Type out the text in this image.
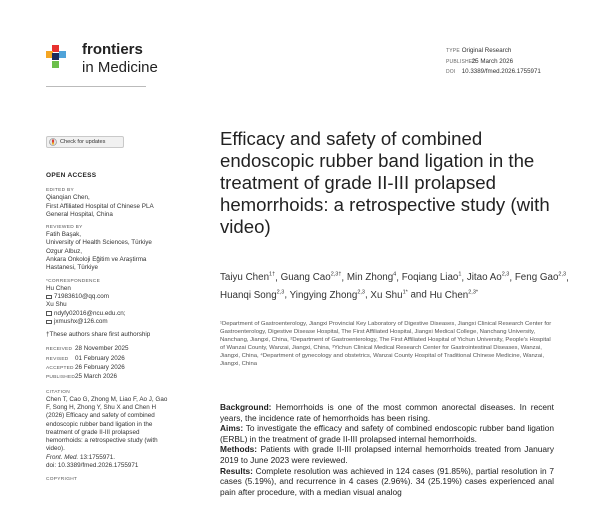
frontiers
in Medicine
TYPE Original Research
PUBLISHED 25 March 2026
DOI 10.3389/fmed.2026.1755971
Check for updates
OPEN ACCESS
EDITED BY
Qianqian Chen,
First Affiliated Hospital of Chinese PLA
General Hospital, China
REVIEWED BY
Fatih Başak,
University of Health Sciences, Türkiye
Ozgur Albuz,
Ankara Onkoloji Eğitim ve Araştirma
Hastanesi, Türkiye
*CORRESPONDENCE
Hu Chen
71983610@qq.com
Xu Shu
ndyfy02016@ncu.edu.cn;
jxmushx@126.com
†These authors share first authorship
RECEIVED 28 November 2025
REVISED 01 February 2026
ACCEPTED26 February 2026
PUBLISHED25 March 2026
CITATION
Chen T, Cao G, Zhong M, Liao F, Ao J, Gao F, Song H, Zhong Y, Shu X and Chen H (2026) Efficacy and safety of combined endoscopic rubber band ligation in the treatment of grade II-III prolapsed hemorrhoids: a retrospective study (with video).
Front. Med. 13:1755971.
doi: 10.3389/fmed.2026.1755971
COPYRIGHT
Efficacy and safety of combined endoscopic rubber band ligation in the treatment of grade II-III prolapsed hemorrhoids: a retrospective study (with video)
Taiyu Chen$^{1\dagger}$, Guang Cao$^{2,3\dagger}$, Min Zhong$^4$, Foqiang Liao$^1$, Jitao Ao$^{2,3}$, Feng Gao$^{2,3}$, Huanqi Song$^{2,3}$, Yingying Zhong$^{2,3}$, Xu Shu$^{1*}$ and Hu Chen$^{2,3*}$
¹Department of Gastroenterology, Jiangxi Provincial Key Laboratory of Digestive Diseases, Jiangxi Clinical Research Center for Gastroenterology, Digestive Disease Hospital, The First Affiliated Hospital, Jiangxi Medical College, Nanchang University, Nanchang, Jiangxi, China, ²Department of Gastroenterology, The First Affiliated Hospital of Yichun University, People's Hospital of Wanzai County, Wanzai, Jiangxi, China, ³Yichun Clinical Medical Research Center for Gastrointestinal Diseases, Wanzai, Jiangxi, China, ⁴Department of gynecology and obstetrics, Wanzai County Hospital of Traditional Chinese Medicine, Wanzai, Jiangxi, China

Background: Hemorrhoids is one of the most common anorectal diseases. In recent years, the incidence rate of hemorrhoids has been rising.

Aims: To investigate the efficacy and safety of combined endoscopic rubber band ligation (ERBL) in the treatment of grade II-III prolapsed internal hemorrhoids.

Methods: Patients with grade II-III prolapsed internal hemorrhoids treated from January 2019 to June 2023 were reviewed.

Results: Complete resolution was achieved in 124 cases (91.85%), partial resolution in 7 cases (5.19%), and recurrence in 4 cases (2.96%). 34 (25.19%) cases experienced anal pain after procedure, with a median visual analog
